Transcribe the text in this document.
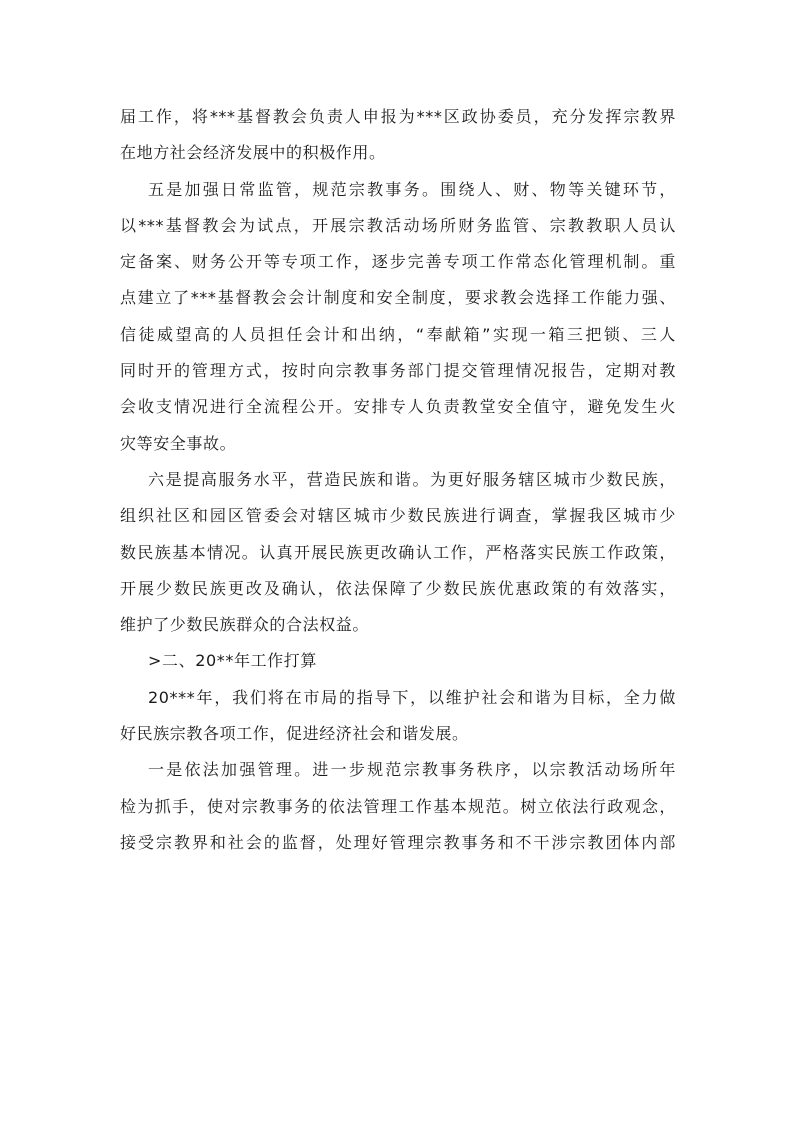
届工作，将***基督教会负责人申报为***区政协委员，充分发挥宗教界
在地方社会经济发展中的积极作用。
五是加强日常监管，规范宗教事务。围绕人、财、物等关键环节，
以***基督教会为试点，开展宗教活动场所财务监管、宗教教职人员认
定备案、财务公开等专项工作，逐步完善专项工作常态化管理机制。重
点建立了***基督教会会计制度和安全制度，要求教会选择工作能力强、
信徒威望高的人员担任会计和出纳，“奉献箱”实现一箱三把锁、三人
同时开的管理方式，按时向宗教事务部门提交管理情况报告，定期对教
会收支情况进行全流程公开。安排专人负责教堂安全值守，避免发生火
灾等安全事故。
六是提高服务水平，营造民族和谐。为更好服务辖区城市少数民族，
组织社区和园区管委会对辖区城市少数民族进行调查，掌握我区城市少
数民族基本情况。认真开展民族更改确认工作，严格落实民族工作政策，
开展少数民族更改及确认，依法保障了少数民族优惠政策的有效落实，
维护了少数民族群众的合法权益。
>二、20**年工作打算
20***年，我们将在市局的指导下，以维护社会和谐为目标，全力做
好民族宗教各项工作，促进经济社会和谐发展。
一是依法加强管理。进一步规范宗教事务秩序，以宗教活动场所年
检为抓手，使对宗教事务的依法管理工作基本规范。树立依法行政观念，
接受宗教界和社会的监督，处理好管理宗教事务和不干涉宗教团体内部
